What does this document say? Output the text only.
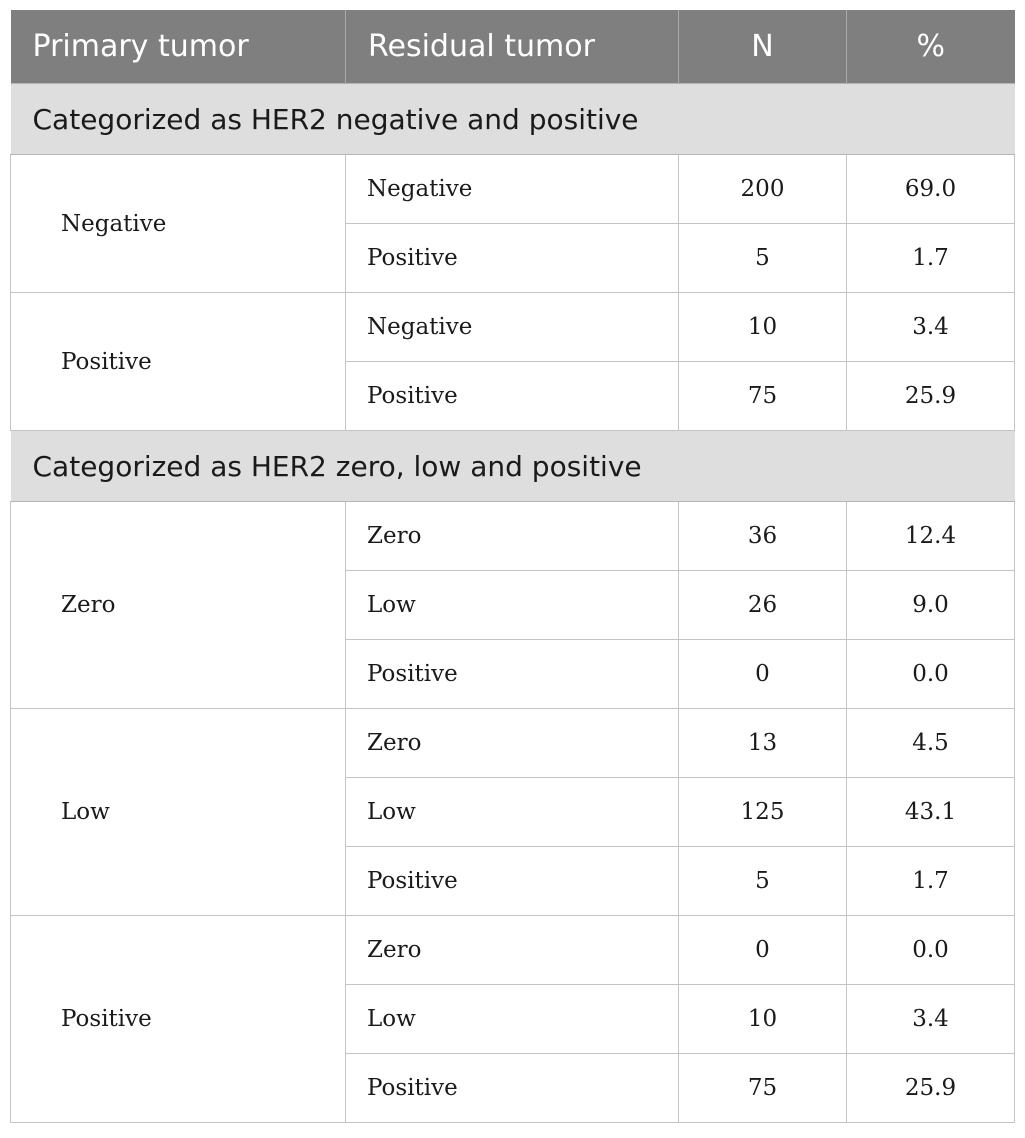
Primary tumor	Residual tumor	N	%
Categorized as HER2 negative and positive			
Negative	Negative	200	69.0
	Positive	5	1.7
Positive	Negative	10	3.4
	Positive	75	25.9
Categorized as HER2 zero, low and positive			
Zero	Zero	36	12.4
	Low	26	9.0
	Positive	0	0.0
Low	Zero	13	4.5
	Low	125	43.1
	Positive	5	1.7
Positive	Zero	0	0.0
	Low	10	3.4
	Positive	75	25.9
